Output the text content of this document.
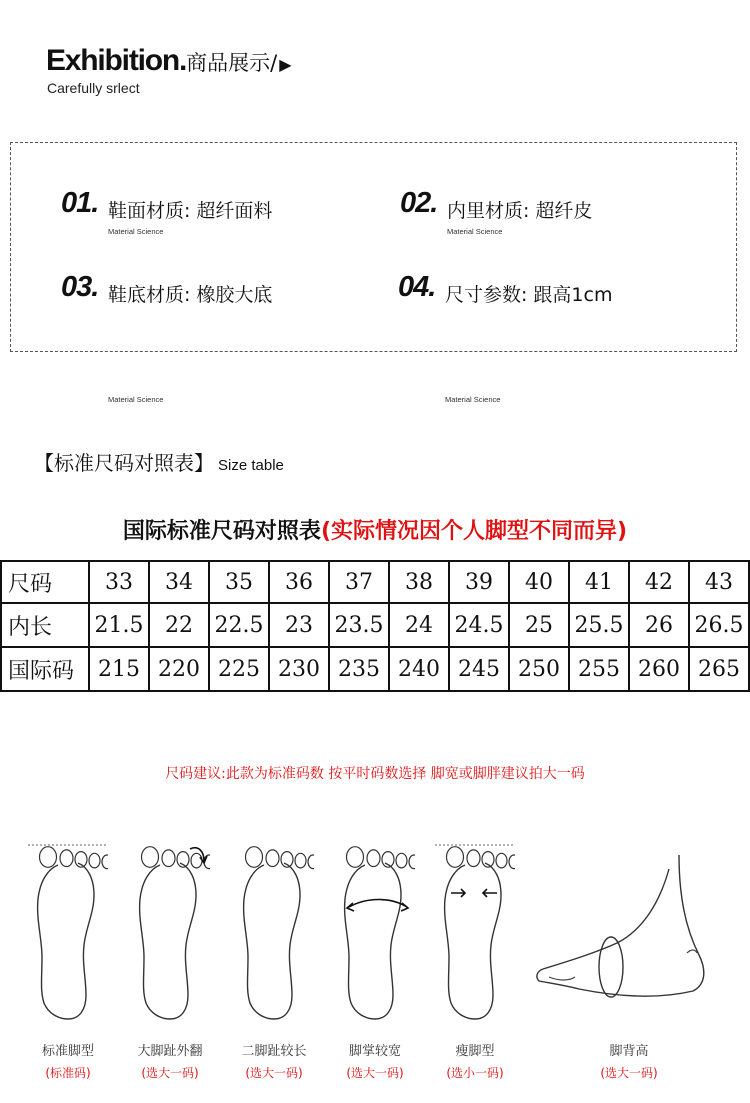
Exhibition.商品展示/ ▶
Carefully srlect
01.
Material Science
鞋面材质: 超纤面料	02.
Material Science
内里材质: 超纤皮
03.
Material Science
鞋底材质: 橡胶大底	04.
Material Science
尺寸参数: 跟高1cm
【标准尺码对照表】 Size table
国际标准尺码对照表(实际情况因个人脚型不同而异)
尺码	33	34	35	36	37	38	39	40	41	42	43
内长	21.5	22	22.5	23	23.5	24	24.5	25	25.5	26	26.5
国际码	215	220	225	230	235	240	245	250	255	260	265
尺码建议:此款为标准码数 按平时码数选择 脚宽或脚胖建议拍大一码
标准脚型
(标准码)
大脚趾外翻
(选大一码)
二脚趾较长
(选大一码)
脚掌较宽
(选大一码)
瘦脚型
(选小一码)
脚背高
(选大一码)
